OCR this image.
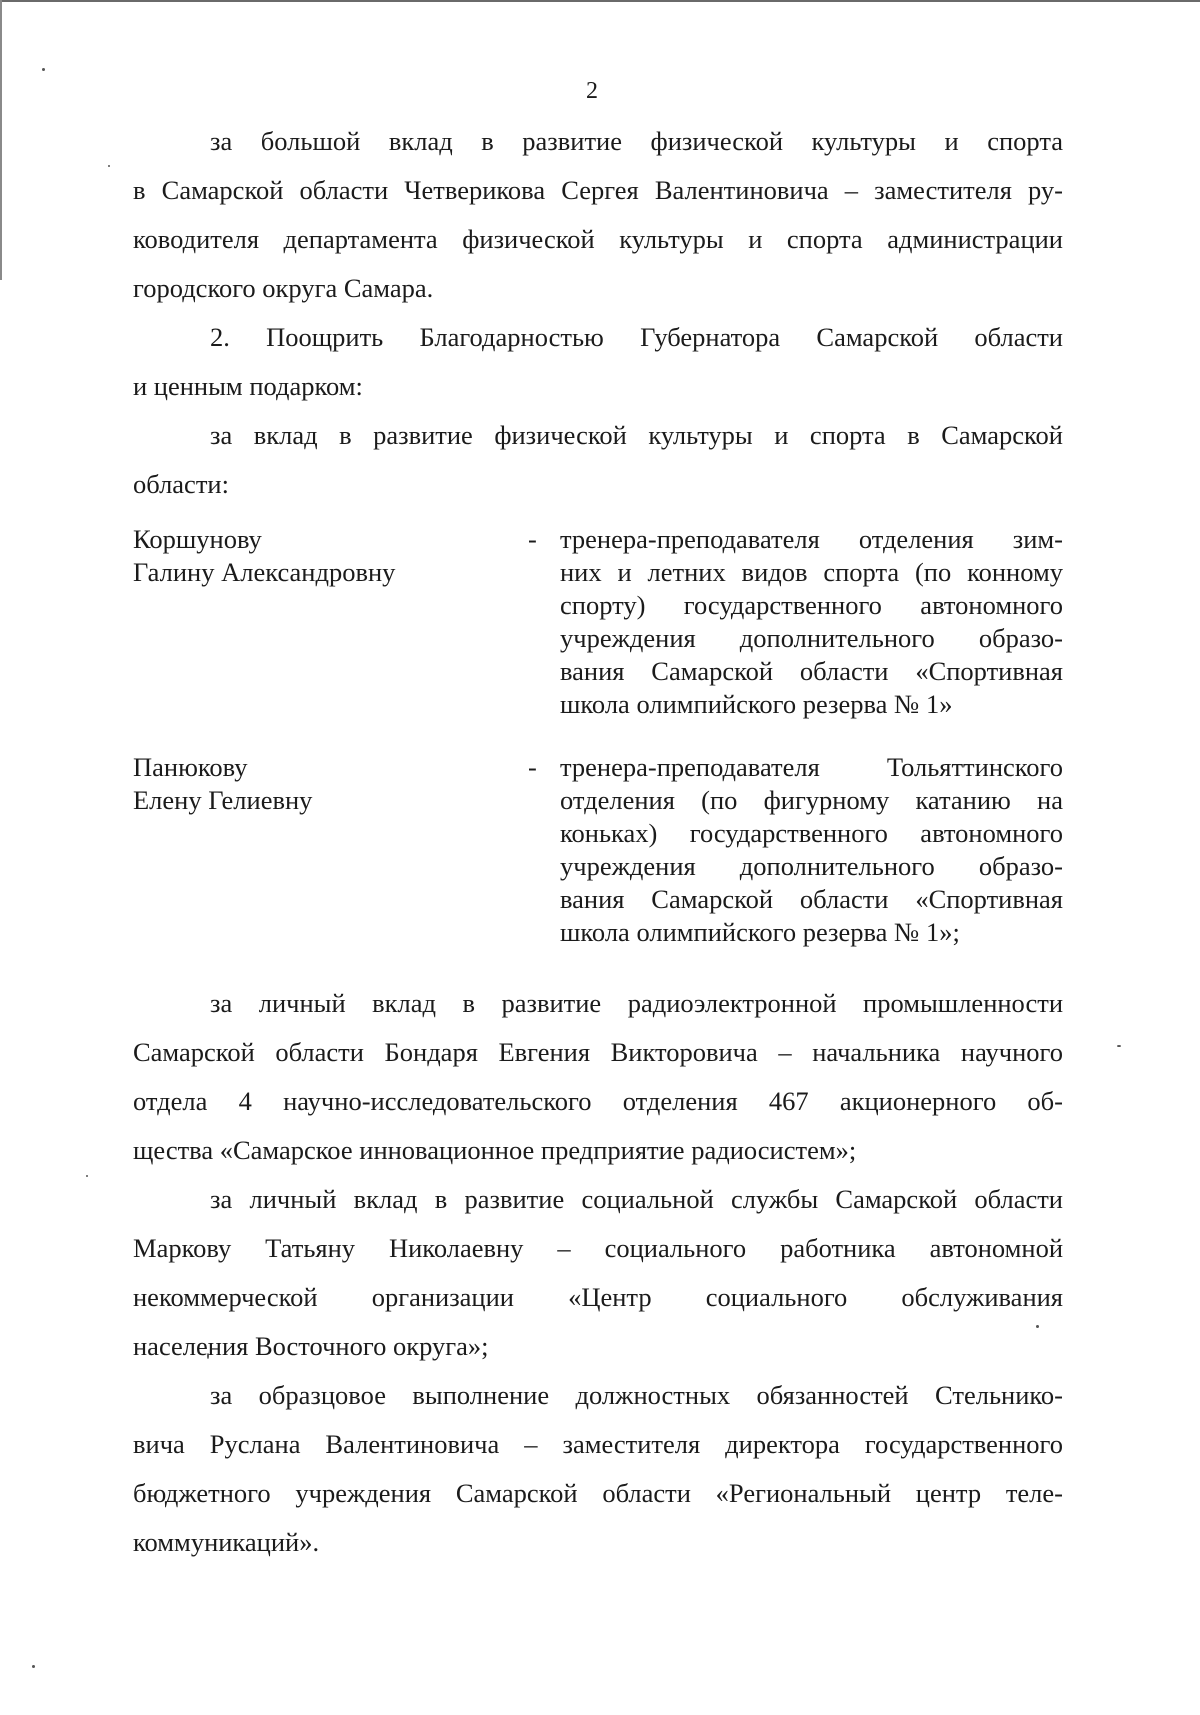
2
за большой вклад в развитие физической культуры и спорта
в Самарской области Четверикова Сергея Валентиновича – заместителя ру-
ководителя департамента физической культуры и спорта администрации
городского округа Самара.
2. Поощрить Благодарностью Губернатора Самарской области
и ценным подарком:
за вклад в развитие физической культуры и спорта в Самарской
области:
Коршунову
Галину Александровну
- тренера-преподавателя отделения зим-
них и летних видов спорта (по конному
спорту) государственного автономного
учреждения дополнительного образо-
вания Самарской области «Спортивная
школа олимпийского резерва № 1»
Панюкову
Елену Гелиевну
- тренера-преподавателя Тольяттинского
отделения (по фигурному катанию на
коньках) государственного автономного
учреждения дополнительного образо-
вания Самарской области «Спортивная
школа олимпийского резерва № 1»;
за личный вклад в развитие радиоэлектронной промышленности
Самарской области Бондаря Евгения Викторовича – начальника научного
отдела 4 научно-исследовательского отделения 467 акционерного об-
щества «Самарское инновационное предприятие радиосистем»;
за личный вклад в развитие социальной службы Самарской области
Маркову Татьяну Николаевну – социального работника автономной
некоммерческой организации «Центр социального обслуживания
населения Восточного округа»;
за образцовое выполнение должностных обязанностей Стельнико-
вича Руслана Валентиновича – заместителя директора государственного
бюджетного учреждения Самарской области «Региональный центр теле-
коммуникаций».
